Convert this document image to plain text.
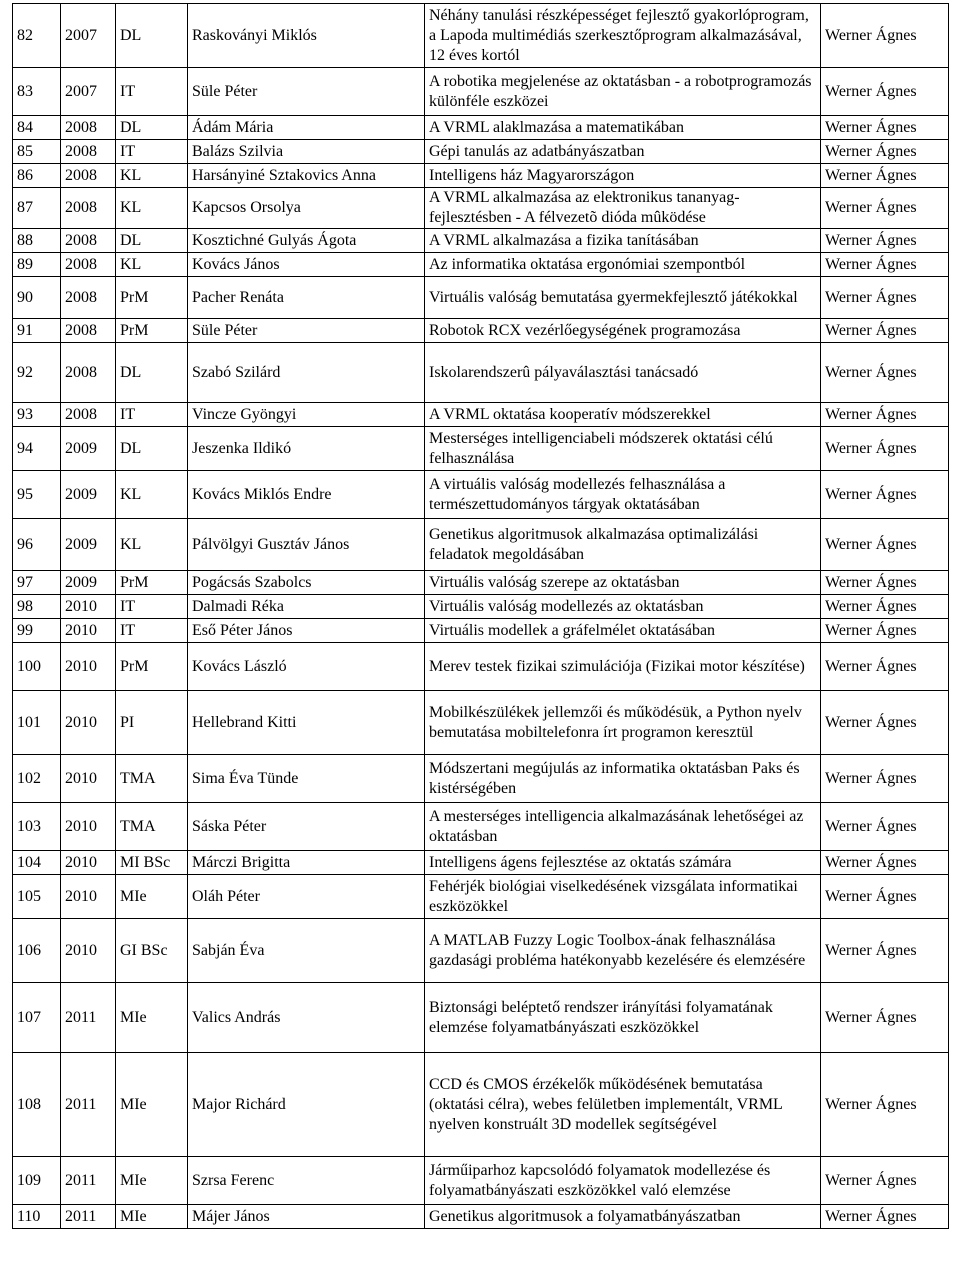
82	2007	DL	Raskoványi Miklós	Néhány tanulási részképességet fejlesztő gyakorlóprogram, a Lapoda multimédiás szerkesztőprogram alkalmazásával, 12 éves kortól	Werner Ágnes
83	2007	IT	Süle Péter	A robotika megjelenése az oktatásban - a robotprogramozás különféle eszközei	Werner Ágnes
84	2008	DL	Ádám Mária	A VRML alaklmazása a matematikában	Werner Ágnes
85	2008	IT	Balázs Szilvia	Gépi tanulás az adatbányászatban	Werner Ágnes
86	2008	KL	Harsányiné Sztakovics Anna	Intelligens ház Magyarországon	Werner Ágnes
87	2008	KL	Kapcsos Orsolya	A VRML alkalmazása az elektronikus tananyag-fejlesztésben - A félvezetõ dióda mûködése	Werner Ágnes
88	2008	DL	Kosztichné Gulyás Ágota	A VRML alkalmazása a fizika tanításában	Werner Ágnes
89	2008	KL	Kovács János	Az informatika oktatása ergonómiai szempontból	Werner Ágnes
90	2008	PrM	Pacher Renáta	Virtuális valóság bemutatása gyermekfejlesztő játékokkal	Werner Ágnes
91	2008	PrM	Süle Péter	Robotok RCX vezérlőegységének programozása	Werner Ágnes
92	2008	DL	Szabó Szilárd	Iskolarendszerû pályaválasztási tanácsadó	Werner Ágnes
93	2008	IT	Vincze Gyöngyi	A VRML oktatása kooperatív módszerekkel	Werner Ágnes
94	2009	DL	Jeszenka Ildikó	Mesterséges intelligenciabeli módszerek oktatási célú felhasználása	Werner Ágnes
95	2009	KL	Kovács Miklós Endre	A virtuális valóság modellezés felhasználása a természettudományos tárgyak oktatásában	Werner Ágnes
96	2009	KL	Pálvölgyi Gusztáv János	Genetikus algoritmusok alkalmazása optimalizálási feladatok megoldásában	Werner Ágnes
97	2009	PrM	Pogácsás Szabolcs	Virtuális valóság szerepe az oktatásban	Werner Ágnes
98	2010	IT	Dalmadi Réka	Virtuális valóság modellezés az oktatásban	Werner Ágnes
99	2010	IT	Eső Péter János	Virtuális modellek a gráfelmélet oktatásában	Werner Ágnes
100	2010	PrM	Kovács László	Merev testek fizikai szimulációja (Fizikai motor készítése)	Werner Ágnes
101	2010	PI	Hellebrand Kitti	Mobilkészülékek jellemzői és működésük, a Python nyelv bemutatása mobiltelefonra írt programon keresztül	Werner Ágnes
102	2010	TMA	Sima Éva Tünde	Módszertani megújulás az informatika oktatásban Paks és kistérségében	Werner Ágnes
103	2010	TMA	Sáska Péter	A mesterséges intelligencia alkalmazásának lehetőségei az oktatásban	Werner Ágnes
104	2010	MI BSc	Márczi Brigitta	Intelligens ágens fejlesztése az oktatás számára	Werner Ágnes
105	2010	MIe	Oláh Péter	Fehérjék biológiai viselkedésének vizsgálata informatikai eszközökkel	Werner Ágnes
106	2010	GI BSc	Sabján Éva	A MATLAB Fuzzy Logic Toolbox-ának felhasználása gazdasági probléma hatékonyabb kezelésére és elemzésére	Werner Ágnes
107	2011	MIe	Valics András	Biztonsági beléptető rendszer irányítási folyamatának elemzése folyamatbányászati eszközökkel	Werner Ágnes
108	2011	MIe	Major Richárd	CCD és CMOS érzékelők működésének bemutatása (oktatási célra), webes felületben implementált, VRML nyelven konstruált 3D modellek segítségével	Werner Ágnes
109	2011	MIe	Szrsa Ferenc	Járműiparhoz kapcsolódó folyamatok modellezése és folyamatbányászati eszközökkel való elemzése	Werner Ágnes
110	2011	MIe	Májer János	Genetikus algoritmusok a folyamatbányászatban	Werner Ágnes
